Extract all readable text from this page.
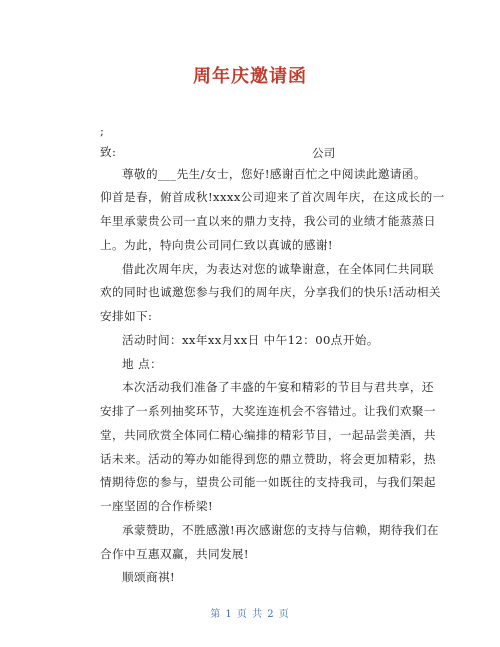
周年庆邀请函
;
致:	公司
尊敬的___先生/女士，您好!感谢百忙之中阅读此邀请函。
仰首是春，俯首成秋!xxxx公司迎来了首次周年庆，在这成长的一
年里承蒙贵公司一直以来的鼎力支持，我公司的业绩才能蒸蒸日
上。为此，特向贵公司同仁致以真诚的感谢!
借此次周年庆，为表达对您的诚挚谢意，在全体同仁共同联
欢的同时也诚邀您参与我们的周年庆，分享我们的快乐!活动相关
安排如下:
活动时间：xx年xx月xx日 中午12：00点开始。
地 点：
本次活动我们准备了丰盛的午宴和精彩的节目与君共享，还
安排了一系列抽奖环节，大奖连连机会不容错过。让我们欢聚一
堂，共同欣赏全体同仁精心编排的精彩节目，一起品尝美酒，共
话未来。活动的筹办如能得到您的鼎立赞助，将会更加精彩，热
情期待您的参与，望贵公司能一如既往的支持我司，与我们架起
一座坚固的合作桥梁!
承蒙赞助，不胜感激!再次感谢您的支持与信赖，期待我们在
合作中互惠双赢，共同发展!
顺颂商祺!
第 1 页 共 2 页
